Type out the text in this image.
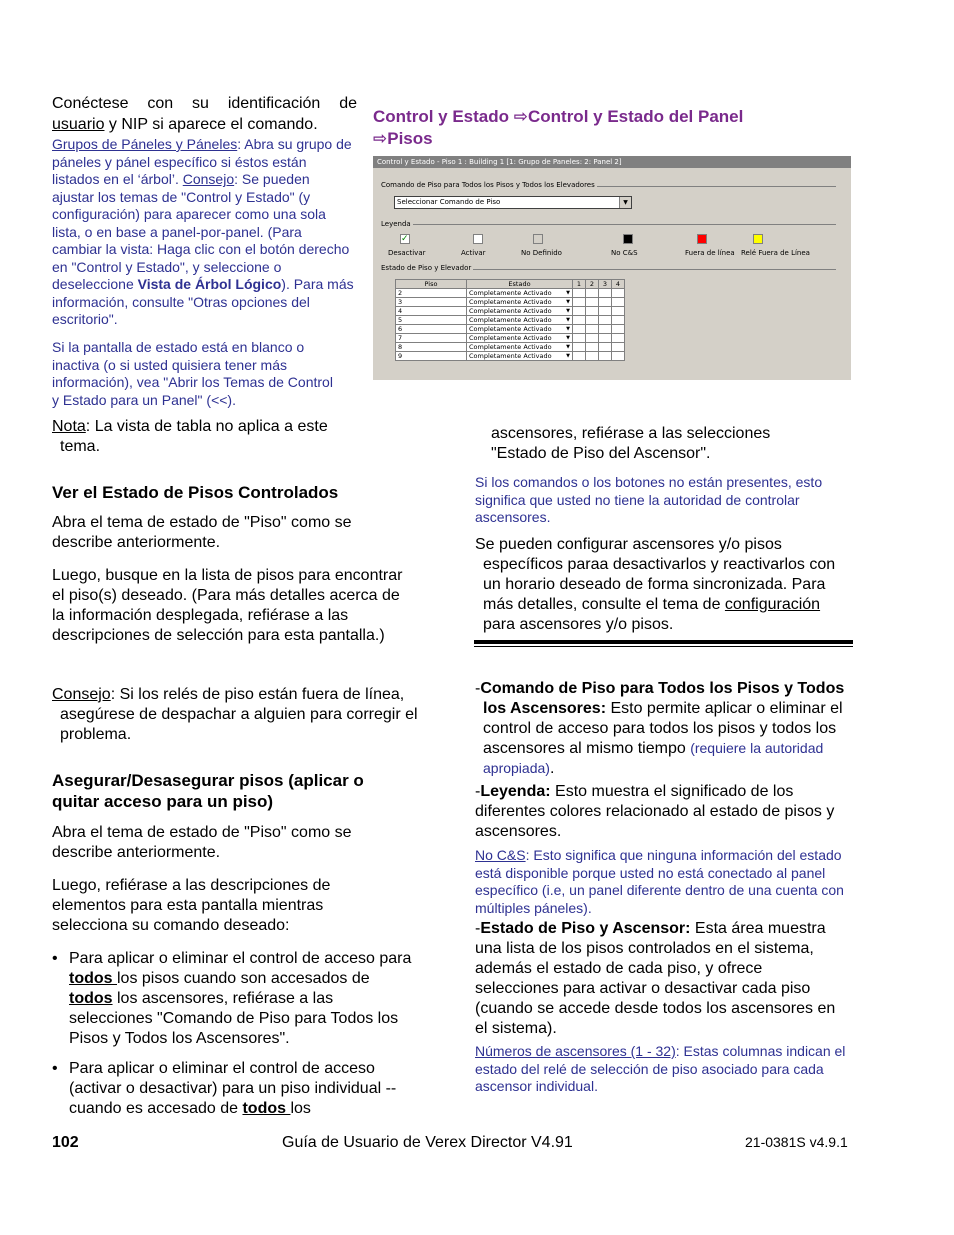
Conéctese con su identificación de
usuario y NIP si aparece el comando.
Grupos de Páneles y Páneles: Abra su grupo de páneles y pánel específico si éstos están listados en el ‘árbol’. Consejo: Se pueden ajustar los temas de "Control y Estado" (y configuración) para aparecer como una sola lista, o en base a panel-por-panel. (Para cambiar la vista: Haga clic con el botón derecho en "Control y Estado", y seleccione o deseleccione Vista de Árbol Lógico). Para más información, consulte "Otras opciones del escritorio".
Si la pantalla de estado está en blanco o inactiva (o si usted quisiera tener más información), vea "Abrir los Temas de Control y Estado para un Panel" (<<).
Nota: La vista de tabla no aplica a este tema.
Ver el Estado de Pisos Controlados
Abra el tema de estado de "Piso" como se describe anteriormente.
Luego, busque en la lista de pisos para encontrar el piso(s) deseado. (Para más detalles acerca de la información desplegada, refiérase a las descripciones de selección para esta pantalla.)
Consejo: Si los relés de piso están fuera de línea, asegúrese de despachar a alguien para corregir el problema.
Asegurar/Desasegurar pisos (aplicar o quitar acceso para un piso)
Abra el tema de estado de "Piso" como se describe anteriormente.
Luego, refiérase a las descripciones de elementos para esta pantalla mientras selecciona su comando deseado:
• Para aplicar o eliminar el control de acceso para todos los pisos cuando son accesados de todos los ascensores, refiérase a las selecciones "Comando de Piso para Todos los Pisos y Todos los Ascensores".
• Para aplicar o eliminar el control de acceso (activar o desactivar) para un piso individual -- cuando es accesado de todos los
Control y Estado ⇨Control y Estado del Panel
⇨Pisos
Control y Estado - Piso 1 : Building 1 [1: Grupo de Paneles: 2: Panel 2]
Comando de Piso para Todos los Pisos y Todos los Elevadores
Seleccionar Comando de Piso	▼
Leyenda
✓
Desactivar	Activar	No Definido	No C&S	Fuera de línea Relé Fuera de Línea
Estado de Piso y Elevador
Piso	Estado	1	2	3	4
2	Completamente Activado ▼				

3	Completamente Activado ▼				

4	Completamente Activado ▼				

5	Completamente Activado ▼				

6	Completamente Activado ▼				

7	Completamente Activado ▼				

8	Completamente Activado ▼				

9	Completamente Activado ▼				

ascensores, refiérase a las selecciones
"Estado de Piso del Ascensor".
Si los comandos o los botones no están presentes, esto significa que usted no tiene la autoridad de controlar ascensores.
Se pueden configurar ascensores y/o pisos específicos paraa desactivarlos y reactivarlos con un horario deseado de forma sincronizada. Para más detalles, consulte el tema de configuración para ascensores y/o pisos.
-Comando de Piso para Todos los Pisos y Todos los Ascensores: Esto permite aplicar o eliminar el control de acceso para todos los pisos y todos los ascensores al mismo tiempo (requiere la autoridad apropiada).
-Leyenda: Esto muestra el significado de los diferentes colores relacionado al estado de pisos y ascensores.
No C&S: Esto significa que ninguna información del estado está disponible porque usted no está conectado al panel específico (i.e, un panel diferente dentro de una cuenta con múltiples páneles).
-Estado de Piso y Ascensor: Esta área muestra una lista de los pisos controlados en el sistema, además el estado de cada piso, y ofrece selecciones para activar o desactivar cada piso (cuando se accede desde todos los ascensores en el sistema).
Números de ascensores (1 - 32): Estas columnas indican el estado del relé de selección de piso asociado para cada ascensor individual.
102	Guía de Usuario de Verex Director V4.91	21-0381S v4.9.1
